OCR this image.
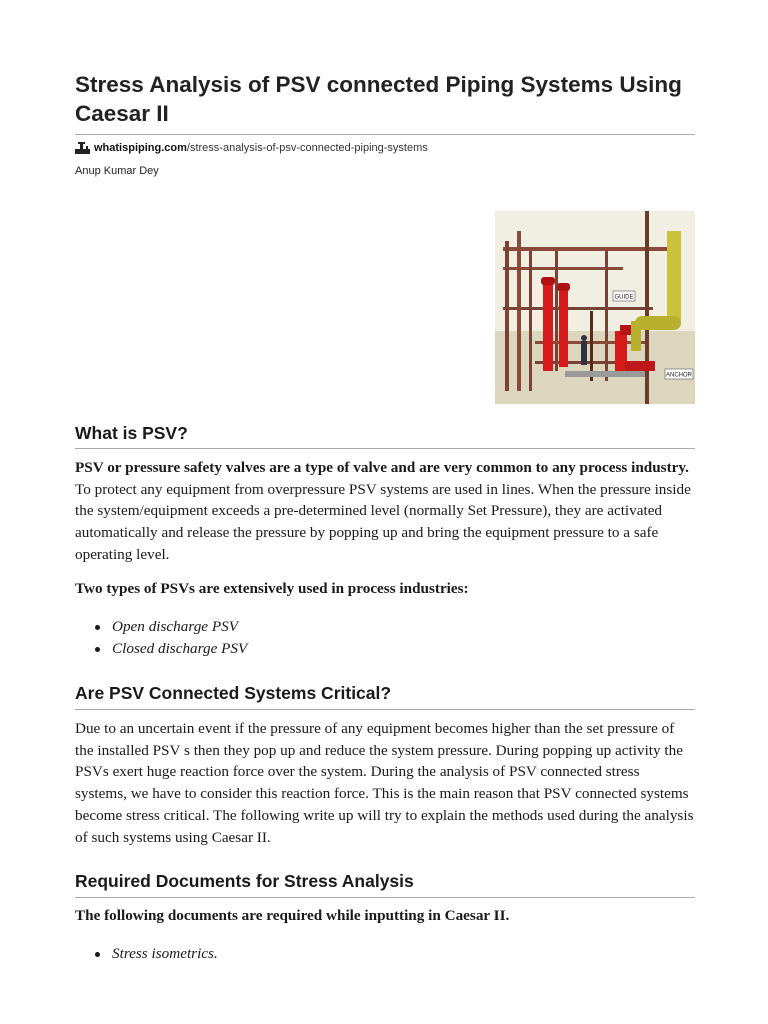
Stress Analysis of PSV connected Piping Systems Using Caesar II
whatispiping.com /stress-analysis-of-psv-connected-piping-systems
Anup Kumar Dey
GUIDE
ANCHOR
What is PSV?

PSV or pressure safety valves are a type of valve and are very common to any process industry. To protect any equipment from overpressure PSV systems are used in lines. When the pressure inside the system/equipment exceeds a pre-determined level (normally Set Pressure), they are activated automatically and release the pressure by popping up and bring the equipment pressure to a safe operating level.

Two types of PSVs are extensively used in process industries:

Open discharge PSV
Closed discharge PSV
Are PSV Connected Systems Critical?

Due to an uncertain event if the pressure of any equipment becomes higher than the set pressure of the installed PSV s then they pop up and reduce the system pressure. During popping up activity the PSVs exert huge reaction force over the system. During the analysis of PSV connected stress systems, we have to consider this reaction force. This is the main reason that PSV connected systems become stress critical. The following write up will try to explain the methods used during the analysis of such systems using Caesar II.

Required Documents for Stress Analysis

The following documents are required while inputting in Caesar II.

Stress isometrics.
